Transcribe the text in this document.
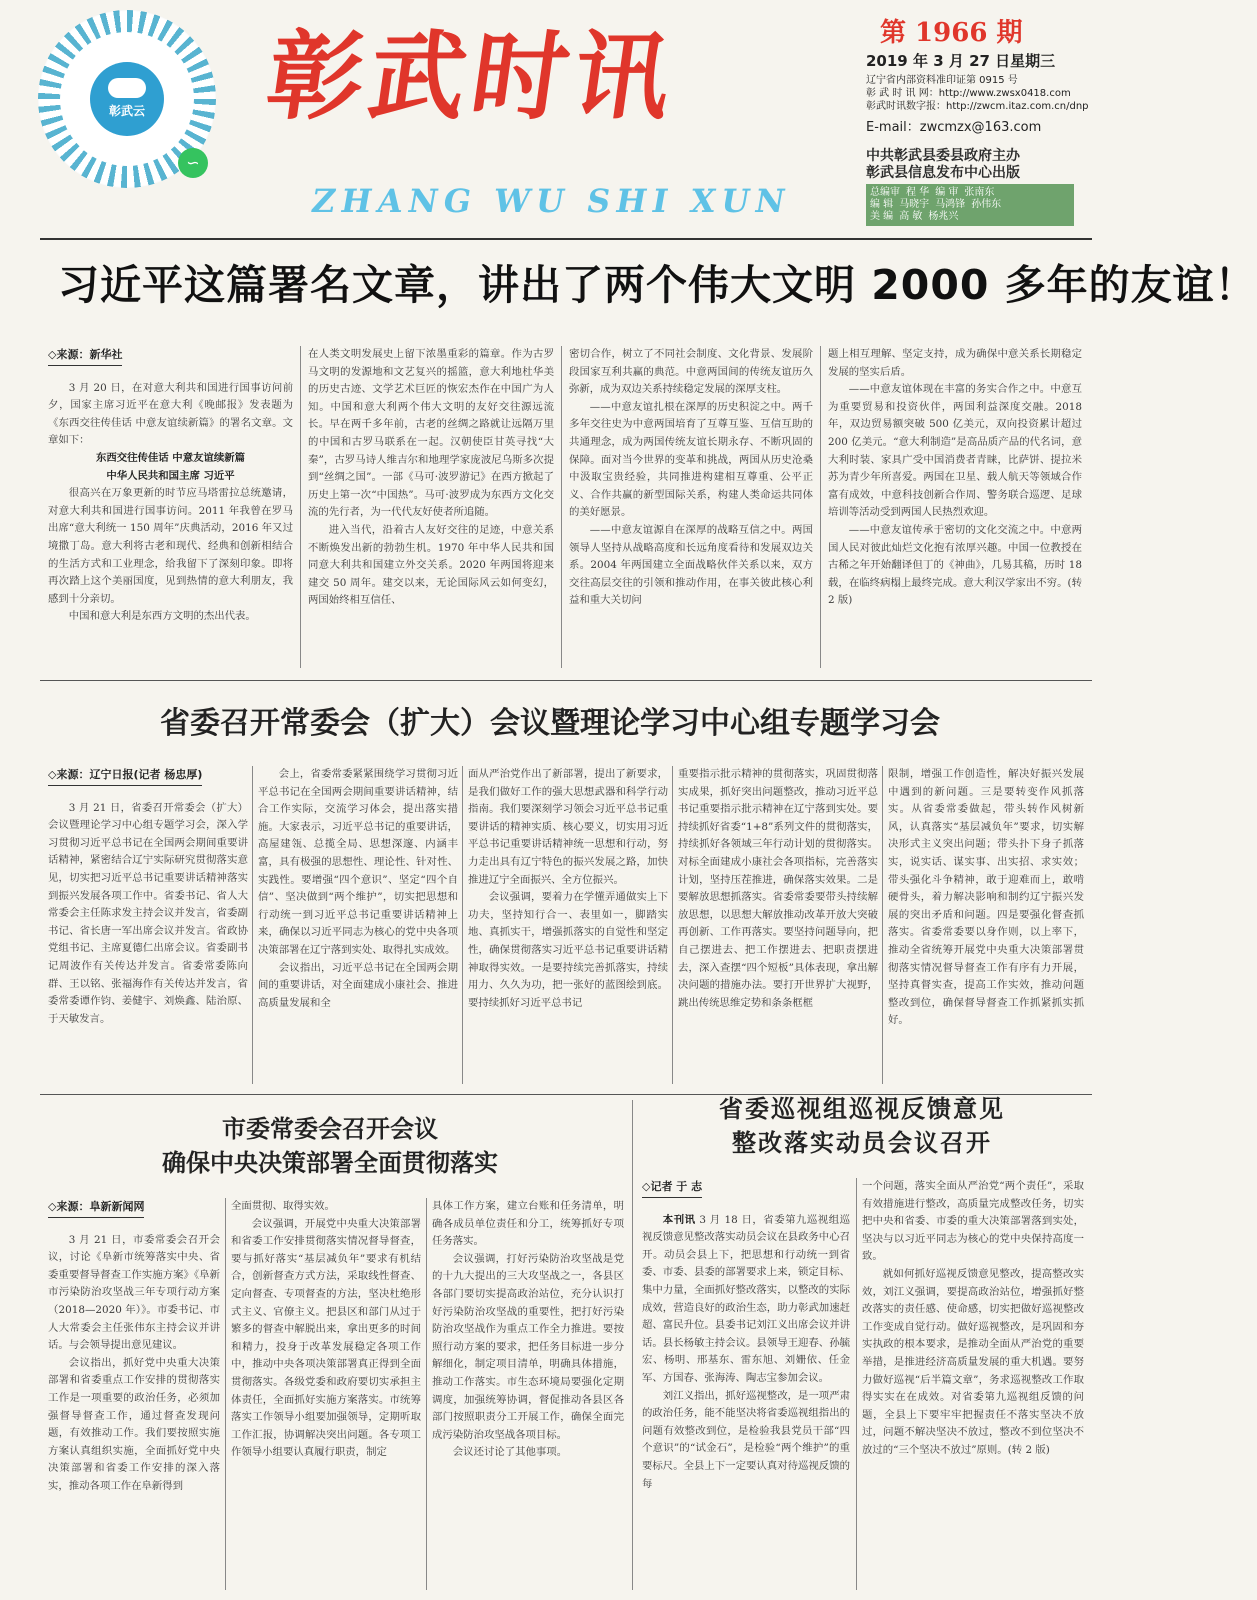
彰武云
∽
彰武时讯
ZHANG WU SHI XUN
第 1966 期
2019 年 3 月 27 日星期三
辽宁省内部资料准印证第 0915 号
彰 武 时 讯 网：http://www.zwsx0418.com
彰武时讯数字报：http://zwcm.itaz.com.cn/dnp
E-mail：zwcmzx@163.com
中共彰武县委县政府主办
彰武县信息发布中心出版
总编审 程 华 编 审 张南东
编 辑 马晓宇 马鸿锋 孙伟东
美 编 高 敏 杨兆兴
习近平这篇署名文章，讲出了两个伟大文明 2000 多年的友谊！

◇来源：新华社

3 月 20 日，在对意大利共和国进行国事访问前夕，国家主席习近平在意大利《晚邮报》发表题为《东西交往传佳话 中意友谊续新篇》的署名文章。文章如下：

东西交往传佳话 中意友谊续新篇

中华人民共和国主席 习近平

很高兴在万象更新的时节应马塔雷拉总统邀请，对意大利共和国进行国事访问。2011 年我曾在罗马出席“意大利统一 150 周年”庆典活动，2016 年又过境撒丁岛。意大利将古老和现代、经典和创新相结合的生活方式和工业理念，给我留下了深刻印象。即将再次踏上这个美丽国度，见到热情的意大利朋友，我感到十分亲切。

中国和意大利是东西方文明的杰出代表。

在人类文明发展史上留下浓墨重彩的篇章。作为古罗马文明的发源地和文艺复兴的摇篮，意大利地杜华美的历史古迹、文学艺术巨匠的恢宏杰作在中国广为人知。中国和意大利两个伟大文明的友好交往源远流长。早在两千多年前，古老的丝绸之路就让远隔万里的中国和古罗马联系在一起。汉朝使臣甘英寻找“大秦”，古罗马诗人维吉尔和地理学家庞波尼乌斯多次提到“丝绸之国”。一部《马可·波罗游记》在西方掀起了历史上第一次“中国热”。马可·波罗成为东西方文化交流的先行者，为一代代友好使者所追随。

进入当代，沿着古人友好交往的足迹，中意关系不断焕发出新的勃勃生机。1970 年中华人民共和国同意大利共和国建立外交关系。2020 年两国将迎来建交 50 周年。建交以来，无论国际风云如何变幻，两国始终相互信任、

密切合作，树立了不同社会制度、文化背景、发展阶段国家互利共赢的典范。中意两国间的传统友谊历久弥新，成为双边关系持续稳定发展的深厚支柱。

——中意友谊扎根在深厚的历史积淀之中。两千多年交往史为中意两国培育了互尊互鉴、互信互助的共通理念，成为两国传统友谊长期永存、不断巩固的保障。面对当今世界的变革和挑战，两国从历史沧桑中汲取宝贵经验，共同推进构建相互尊重、公平正义、合作共赢的新型国际关系，构建人类命运共同体的美好愿景。

——中意友谊源自在深厚的战略互信之中。两国领导人坚持从战略高度和长远角度看待和发展双边关系。2004 年两国建立全面战略伙伴关系以来，双方交往高层交往的引领和推动作用，在事关彼此核心利益和重大关切问

题上相互理解、坚定支持，成为确保中意关系长期稳定发展的坚实后盾。

——中意友谊体现在丰富的务实合作之中。中意互为重要贸易和投资伙伴，两国利益深度交融。2018 年，双边贸易额突破 500 亿美元，双向投资累计超过 200 亿美元。“意大利制造”是高品质产品的代名词，意大利时装、家具广受中国消费者青睐，比萨饼、提拉米苏为青少年所喜爱。两国在卫星、载人航天等领域合作富有成效，中意科技创新合作周、警务联合巡逻、足球培训等活动受到两国人民热烈欢迎。

——中意友谊传承于密切的文化交流之中。中意两国人民对彼此灿烂文化抱有浓厚兴趣。中国一位教授在古稀之年开始翻译但丁的《神曲》，几易其稿，历时 18 载，在临终病榻上最终完成。意大利汉学家出不穷。(转 2 版)

省委召开常委会（扩大）会议暨理论学习中心组专题学习会

◇来源：辽宁日报(记者 杨忠厚)

3 月 21 日，省委召开常委会（扩大）会议暨理论学习中心组专题学习会，深入学习贯彻习近平总书记在全国两会期间重要讲话精神，紧密结合辽宁实际研究贯彻落实意见，切实把习近平总书记重要讲话精神落实到振兴发展各项工作中。省委书记、省人大常委会主任陈求发主持会议并发言，省委副书记、省长唐一军出席会议并发言。省政协党组书记、主席夏德仁出席会议。省委副书记周波作有关传达并发言。省委常委陈向群、王以铭、张福海作有关传达并发言，省委常委谭作钧、姜健宇、刘焕鑫、陆治原、于天敏发言。

会上，省委常委紧紧围绕学习贯彻习近平总书记在全国两会期间重要讲话精神，结合工作实际，交流学习体会，提出落实措施。大家表示，习近平总书记的重要讲话，高屋建瓴、总揽全局、思想深邃、内涵丰富，具有极强的思想性、理论性、针对性、实践性。要增强“四个意识”、坚定“四个自信”、坚决做到“两个维护”，切实把思想和行动统一到习近平总书记重要讲话精神上来，确保以习近平同志为核心的党中央各项决策部署在辽宁落到实处、取得扎实成效。

会议指出，习近平总书记在全国两会期间的重要讲话，对全面建成小康社会、推进高质量发展和全

面从严治党作出了新部署，提出了新要求，是我们做好工作的强大思想武器和科学行动指南。我们要深刻学习领会习近平总书记重要讲话的精神实质、核心要义，切实用习近平总书记重要讲话精神统一思想和行动，努力走出具有辽宁特色的振兴发展之路，加快推进辽宁全面振兴、全方位振兴。

会议强调，要着力在学懂弄通做实上下功夫，坚持知行合一、表里如一，脚踏实地、真抓实干，增强抓落实的自觉性和坚定性，确保贯彻落实习近平总书记重要讲话精神取得实效。一是要持续完善抓落实，持续用力、久久为功，把一张好的蓝图绘到底。要持续抓好习近平总书记

重要指示批示精神的贯彻落实，巩固贯彻落实成果，抓好突出问题整改，推动习近平总书记重要指示批示精神在辽宁落到实处。要持续抓好省委“1+8”系列文件的贯彻落实，持续抓好各领域三年行动计划的贯彻落实。对标全面建成小康社会各项指标，完善落实计划，坚持压茬推进，确保落实效果。二是要解放思想抓落实。省委常委要带头持续解放思想，以思想大解放推动改革开放大突破再创新、工作再落实。要坚持问题导向，把自己摆进去、把工作摆进去、把职责摆进去，深入查摆“四个短板”具体表现，拿出解决问题的措施办法。要打开世界扩大视野，跳出传统思维定势和条条框框

限制，增强工作创造性，解决好振兴发展中遇到的新问题。三是要转变作风抓落实。从省委常委做起，带头转作风树新风，认真落实“基层减负年”要求，切实解决形式主义突出问题；带头扑下身子抓落实，说实话、谋实事、出实招、求实效；带头强化斗争精神，敢于迎难而上，敢啃硬骨头，着力解决影响和制约辽宁振兴发展的突出矛盾和问题。四是要强化督查抓落实。省委常委要以身作则，以上率下，推动全省统筹开展党中央重大决策部署贯彻落实情况督导督查工作有序有力开展，坚持真督实查，提高工作实效，推动问题整改到位，确保督导督查工作抓紧抓实抓好。

市委常委会召开会议
确保中央决策部署全面贯彻落实

◇来源：阜新新闻网

3 月 21 日，市委常委会召开会议，讨论《阜新市统筹落实中央、省委重要督导督查工作实施方案》《阜新市污染防治攻坚战三年专项行动方案（2018—2020 年）》。市委书记、市人大常委会主任张伟东主持会议并讲话。与会领导提出意见建议。

会议指出，抓好党中央重大决策部署和省委重点工作安排的贯彻落实工作是一项重要的政治任务，必须加强督导督查工作，通过督查发现问题，有效推动工作。我们要按照实施方案认真组织实施，全面抓好党中央决策部署和省委工作安排的深入落实，推动各项工作在阜新得到

全面贯彻、取得实效。

会议强调，开展党中央重大决策部署和省委工作安排贯彻落实情况督导督查，要与抓好落实“基层减负年”要求有机结合，创新督查方式方法，采取线性督查、定向督查、专项督查的方法，坚决杜绝形式主义、官僚主义。把县区和部门从过于繁多的督查中解脱出来，拿出更多的时间和精力，投身于改革发展稳定各项工作中，推动中央各项决策部署真正得到全面贯彻落实。各级党委和政府要切实承担主体责任，全面抓好实施方案落实。市统筹落实工作领导小组要加强领导，定期听取工作汇报，协调解决突出问题。各专项工作领导小组要认真履行职责，制定

具体工作方案，建立台账和任务清单，明确各成员单位责任和分工，统筹抓好专项任务落实。

会议强调，打好污染防治攻坚战是党的十九大提出的三大攻坚战之一，各县区各部门要切实提高政治站位，充分认识打好污染防治攻坚战的重要性，把打好污染防治攻坚战作为重点工作全力推进。要按照行动方案的要求，把任务目标进一步分解细化，制定项目清单，明确具体措施，推动工作落实。市生态环境局要强化定期调度，加强统筹协调，督促推动各县区各部门按照职责分工开展工作，确保全面完成污染防治攻坚战各项目标。

会议还讨论了其他事项。

省委巡视组巡视反馈意见
整改落实动员会议召开

◇记者 于 志

本刊讯 3 月 18 日，省委第九巡视组巡视反馈意见整改落实动员会议在县政务中心召开。动员会县上下，把思想和行动统一到省委、市委、县委的部署要求上来，锁定目标、集中力量，全面抓好整改落实，以整改的实际成效，营造良好的政治生态，助力彰武加速赶超、富民升位。县委书记刘江义出席会议并讲话。县长杨敏主持会议。县领导王迎春、孙毓宏、杨明、邢基东、雷东旭、刘姗依、任金军、方国春、张海涛、陶志宝参加会议。

刘江义指出，抓好巡视整改，是一项严肃的政治任务，能不能坚决将省委巡视组指出的问题有效整改到位，是检验我县党员干部“四个意识”的“试金石”，是检验“两个维护”的重要标尺。全县上下一定要认真对待巡视反馈的每

一个问题，落实全面从严治党“两个责任”，采取有效措施进行整改，高质量完成整改任务，切实把中央和省委、市委的重大决策部署落到实处，坚决与以习近平同志为核心的党中央保持高度一致。

就如何抓好巡视反馈意见整改，提高整改实效，刘江义强调，要提高政治站位，增强抓好整改落实的责任感、使命感，切实把做好巡视整改工作变成自觉行动。做好巡视整改，是巩固和夯实执政的根本要求，是推动全面从严治党的重要举措，是推进经济高质量发展的重大机遇。要努力做好巡视“后半篇文章”，务求巡视整改工作取得实实在在成效。对省委第九巡视组反馈的问题，全县上下要牢牢把握责任不落实坚决不放过，问题不解决坚决不放过，整改不到位坚决不放过的“三个坚决不放过”原则。(转 2 版)
